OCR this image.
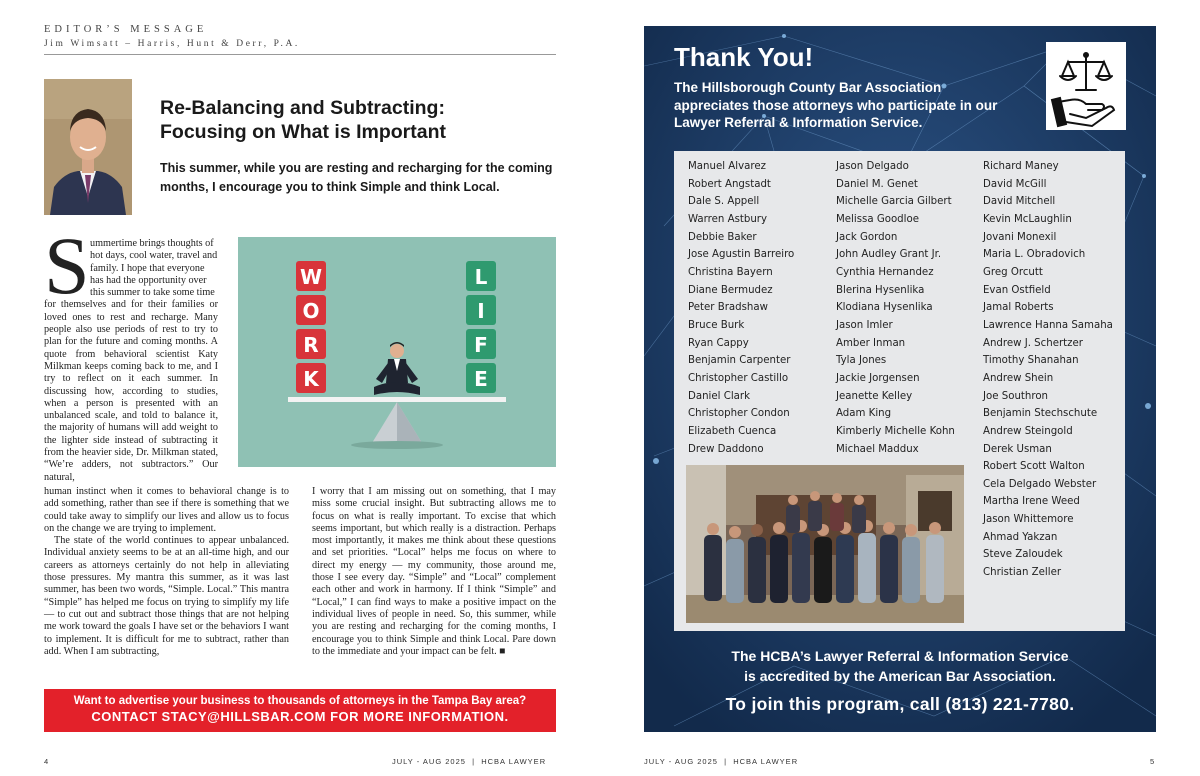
EDITOR’S MESSAGE
Jim Wimsatt – Harris, Hunt & Derr, P.A.
Re-Balancing and Subtracting:
Focusing on What is Important
This summer, while you are resting and recharging for the coming months, I encourage you to think Simple and think Local.
S ummertime brings thoughts of
hot days, cool water, travel and
family. I hope that everyone
has had the opportunity over
this summer to take some time
for themselves and for their families or loved ones to rest and recharge. Many people also use periods of rest to try to plan for the future and coming months. A quote from behavioral scientist Katy Milkman keeps coming back to me, and I try to reflect on it each summer. In discussing how, according to studies, when a person is presented with an unbalanced scale, and told to balance it, the majority of humans will add weight to the lighter side instead of subtracting it from the heavier side, Dr. Milkman stated, “We’re adders, not subtractors.” Our natural,
W
O
R
K
L
I
F
E
human instinct when it comes to behavioral change is to add something, rather than see if there is something that we could take away to simplify our lives and allow us to focus on the change we are trying to implement.
The state of the world continues to appear unbalanced. Individual anxiety seems to be at an all-time high, and our careers as attorneys certainly do not help in alleviating those pressures. My mantra this summer, as it was last summer, has been two words, “Simple. Local.” This mantra “Simple” has helped me focus on trying to simplify my life — to cut out and subtract those things that are not helping me work toward the goals I have set or the behaviors I want to implement. It is difficult for me to subtract, rather than add. When I am subtracting,
I worry that I am missing out on something, that I may miss some crucial insight. But subtracting allows me to focus on what is really important. To excise that which seems important, but which really is a distraction. Perhaps most importantly, it makes me think about these questions and set priorities. “Local” helps me focus on where to direct my energy — my community, those around me, those I see every day. “Simple” and “Local” complement each other and work in harmony. If I think “Simple” and “Local,” I can find ways to make a positive impact on the individual lives of people in need. So, this summer, while you are resting and recharging for the coming months, I encourage you to think Simple and think Local. Pare down to the immediate and your impact can be felt. ■
Want to advertise your business to thousands of attorneys in the Tampa Bay area?
CONTACT STACY@HILLSBAR.COM FOR MORE INFORMATION.
4	JULY - AUG 2025  |  HCBA LAWYER
Thank You!
The Hillsborough County Bar Association appreciates those attorneys who participate in our Lawyer Referral & Information Service.
Manuel Alvarez
Robert Angstadt
Dale S. Appell
Warren Astbury
Debbie Baker
Jose Agustin Barreiro
Christina Bayern
Diane Bermudez
Peter Bradshaw
Bruce Burk
Ryan Cappy
Benjamin Carpenter
Christopher Castillo
Daniel Clark
Christopher Condon
Elizabeth Cuenca
Drew Daddono
Jason Delgado
Daniel M. Genet
Michelle Garcia Gilbert
Melissa Goodloe
Jack Gordon
John Audley Grant Jr.
Cynthia Hernandez
Blerina Hysenlika
Klodiana Hysenlika
Jason Imler
Amber Inman
Tyla Jones
Jackie Jorgensen
Jeanette Kelley
Adam King
Kimberly Michelle Kohn
Michael Maddux
Richard Maney
David McGill
David Mitchell
Kevin McLaughlin
Jovani Monexil
Maria L. Obradovich
Greg Orcutt
Evan Ostfield
Jamal Roberts
Lawrence Hanna Samaha
Andrew J. Schertzer
Timothy Shanahan
Andrew Shein
Joe Southron
Benjamin Stechschute
Andrew Steingold
Derek Usman
Robert Scott Walton
Cela Delgado Webster
Martha Irene Weed
Jason Whittemore
Ahmad Yakzan
Steve Zaloudek
Christian Zeller
The HCBA’s Lawyer Referral & Information Service
is accredited by the American Bar Association.
To join this program, call (813) 221-7780.
JULY - AUG 2025  |  HCBA LAWYER	5
